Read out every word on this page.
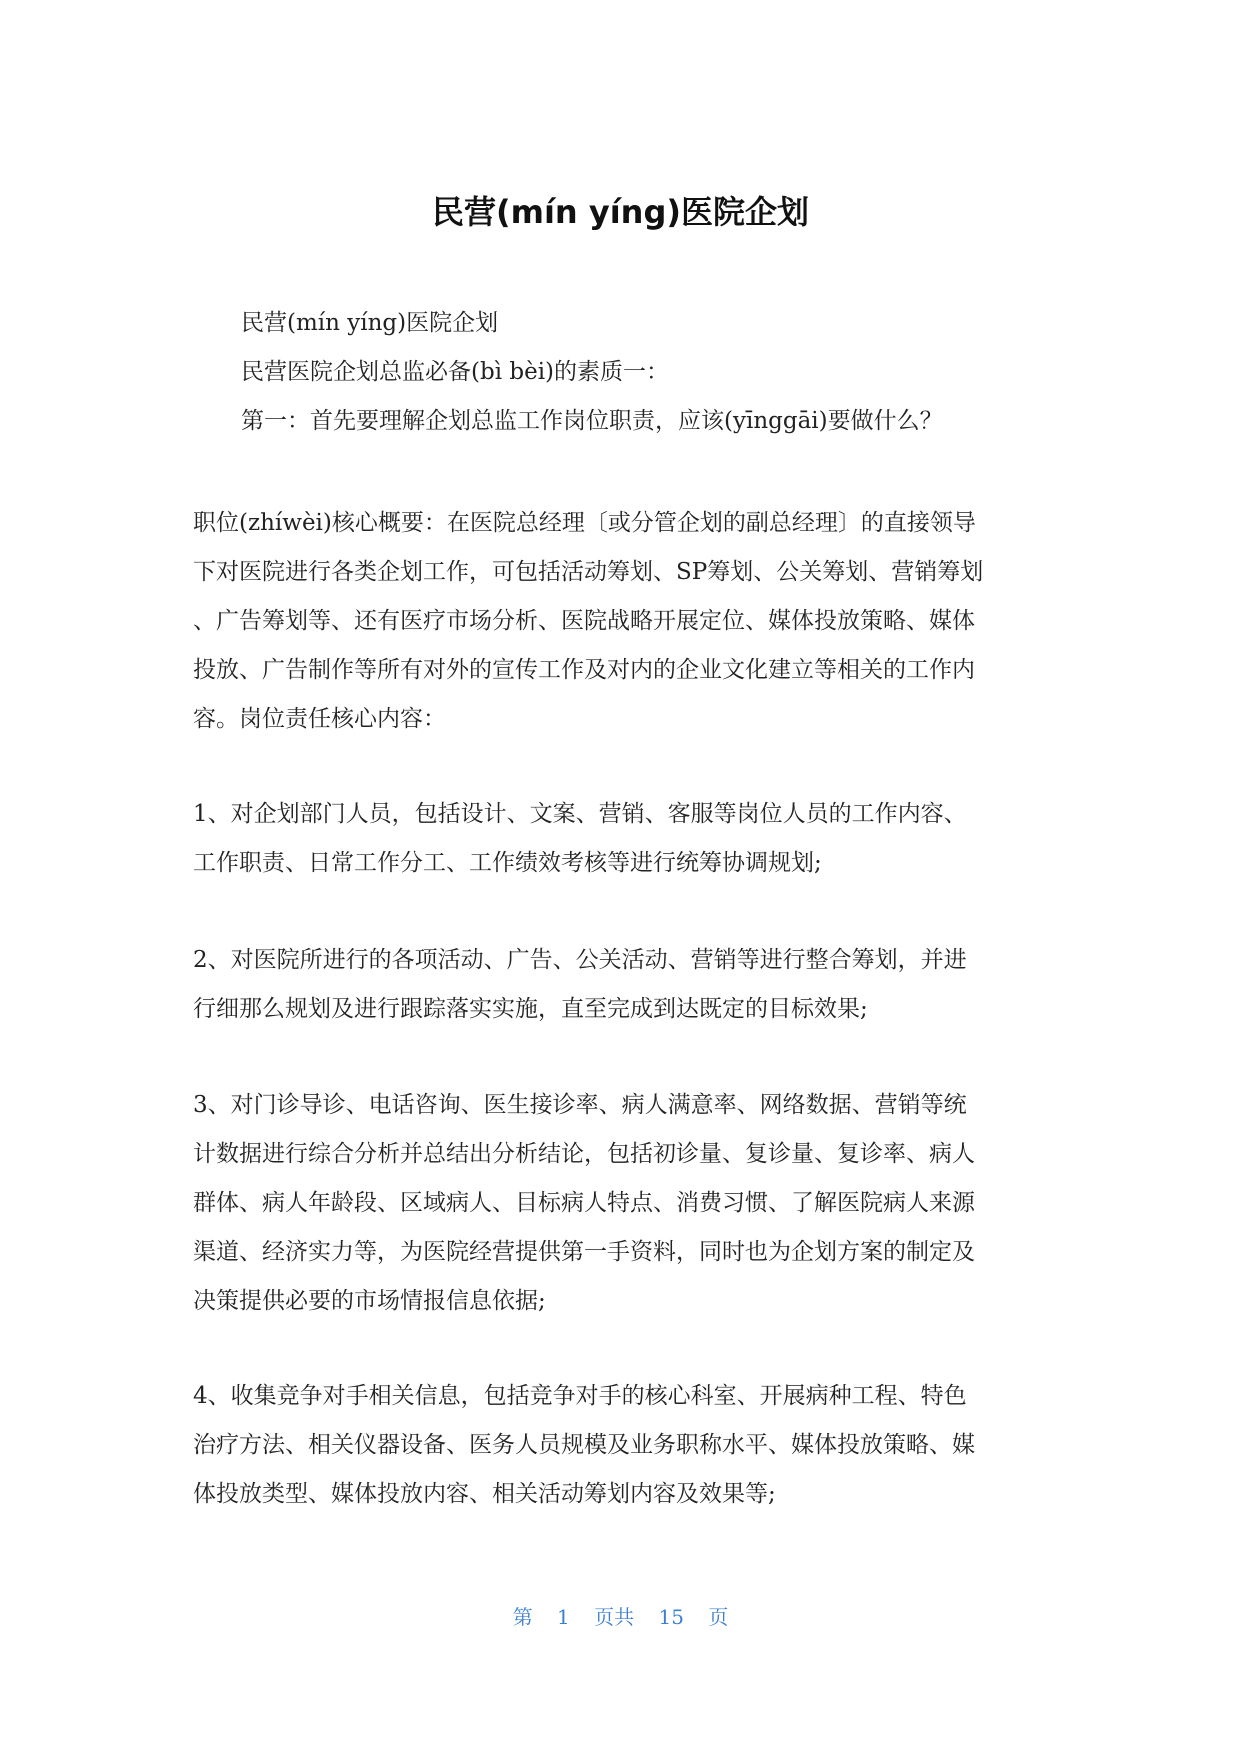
民营(mín yíng)医院企划

民营(mín yíng)医院企划

民营医院企划总监必备(bì bèi)的素质一：

第一：首先要理解企划总监工作岗位职责，应该(yīnggāi)要做什么？

职位(zhíwèi)核心概要：在医院总经理〔或分管企划的副总经理〕的直接领导
下对医院进行各类企划工作，可包括活动筹划、SP筹划、公关筹划、营销筹划
、广告筹划等、还有医疗市场分析、医院战略开展定位、媒体投放策略、媒体
投放、广告制作等所有对外的宣传工作及对内的企业文化建立等相关的工作内
容。岗位责任核心内容：

1、对企划部门人员，包括设计、文案、营销、客服等岗位人员的工作内容、
工作职责、日常工作分工、工作绩效考核等进行统筹协调规划;

2、对医院所进行的各项活动、广告、公关活动、营销等进行整合筹划，并进
行细那么规划及进行跟踪落实实施，直至完成到达既定的目标效果;

3、对门诊导诊、电话咨询、医生接诊率、病人满意率、网络数据、营销等统
计数据进行综合分析并总结出分析结论，包括初诊量、复诊量、复诊率、病人
群体、病人年龄段、区域病人、目标病人特点、消费习惯、了解医院病人来源
渠道、经济实力等，为医院经营提供第一手资料，同时也为企划方案的制定及
决策提供必要的市场情报信息依据;

4、收集竞争对手相关信息，包括竞争对手的核心科室、开展病种工程、特色
治疗方法、相关仪器设备、医务人员规模及业务职称水平、媒体投放策略、媒
体投放类型、媒体投放内容、相关活动筹划内容及效果等;

第 1 页共 15 页
